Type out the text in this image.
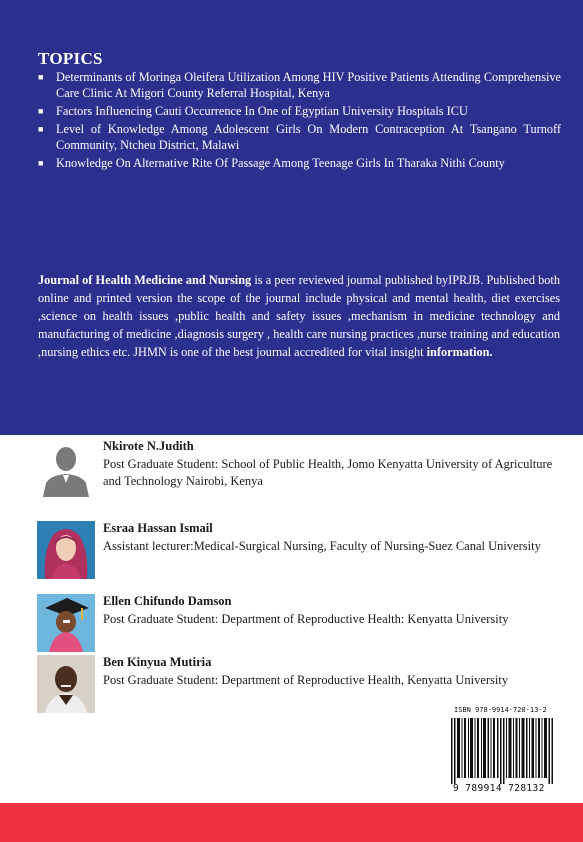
TOPICS
■ Determinants of Moringa Oleifera Utilization Among HIV Positive Patients Attending Comprehensive Care Clinic At Migori County Referral Hospital, Kenya
■ Factors Influencing Cauti Occurrence In One of Egyptian University Hospitals ICU
■ Level of Knowledge Among Adolescent Girls On Modern Contraception At Tsangano Turnoff Community, Ntcheu District, Malawi
■ Knowledge On Alternative Rite Of Passage Among Teenage Girls In Tharaka Nithi County
Journal of Health Medicine and Nursing is a peer reviewed journal published byIPRJB. Published both online and printed version the scope of the journal include physical and mental health, diet exercises ,science on health issues ,public health and safety issues ,mechanism in medicine technology and manufacturing of medicine ,diagnosis surgery , health care nursing practices ,nurse training and education ,nursing ethics etc. JHMN is one of the best journal accredited for vital insight information.
Nkirote N.Judith
Post Graduate Student: School of Public Health, Jomo Kenyatta University of Agriculture and Technology Nairobi, Kenya
Esraa Hassan Ismail
Assistant lecturer:Medical-Surgical Nursing, Faculty of Nursing-Suez Canal University
Ellen Chifundo Damson
Post Graduate Student: Department of Reproductive Health: Kenyatta University
Ben Kinyua Mutiria
Post Graduate Student: Department of Reproductive Health, Kenyatta University
ISBN 978-9914-728-13-2
9 789914 728132
